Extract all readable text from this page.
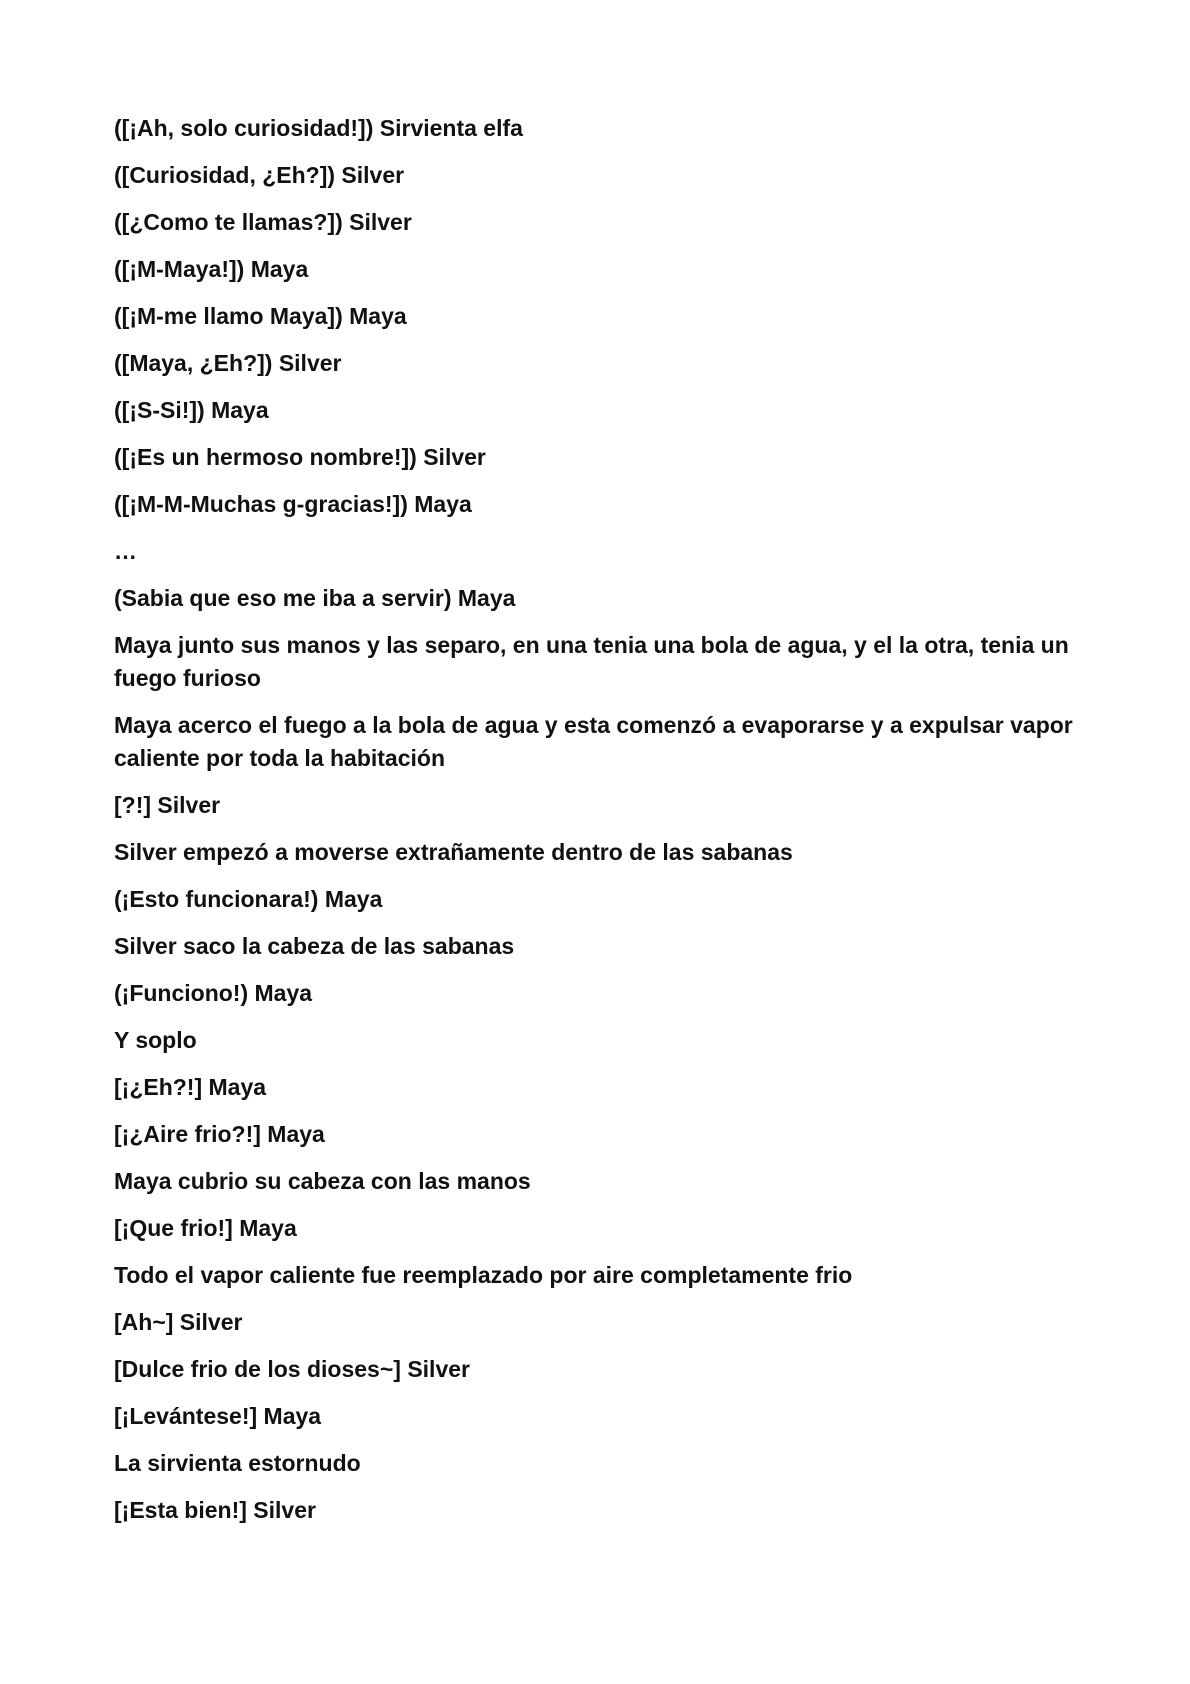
([¡Ah, solo curiosidad!]) Sirvienta elfa

([Curiosidad, ¿Eh?]) Silver

([¿Como te llamas?]) Silver

([¡M-Maya!]) Maya

([¡M-me llamo Maya]) Maya

([Maya, ¿Eh?]) Silver

([¡S-Si!]) Maya

([¡Es un hermoso nombre!]) Silver

([¡M-M-Muchas g-gracias!]) Maya

…

(Sabia que eso me iba a servir) Maya

Maya junto sus manos y las separo, en una tenia una bola de agua, y el la otra, tenia un fuego furioso

Maya acerco el fuego a la bola de agua y esta comenzó a evaporarse y a expulsar vapor caliente por toda la habitación

[?!] Silver

Silver empezó a moverse extrañamente dentro de las sabanas

(¡Esto funcionara!) Maya

Silver saco la cabeza de las sabanas

(¡Funciono!) Maya

Y soplo

[¡¿Eh?!] Maya

[¡¿Aire frio?!] Maya

Maya cubrio su cabeza con las manos

[¡Que frio!] Maya

Todo el vapor caliente fue reemplazado por aire completamente frio

[Ah~] Silver

[Dulce frio de los dioses~] Silver

[¡Levántese!] Maya

La sirvienta estornudo

[¡Esta bien!] Silver
